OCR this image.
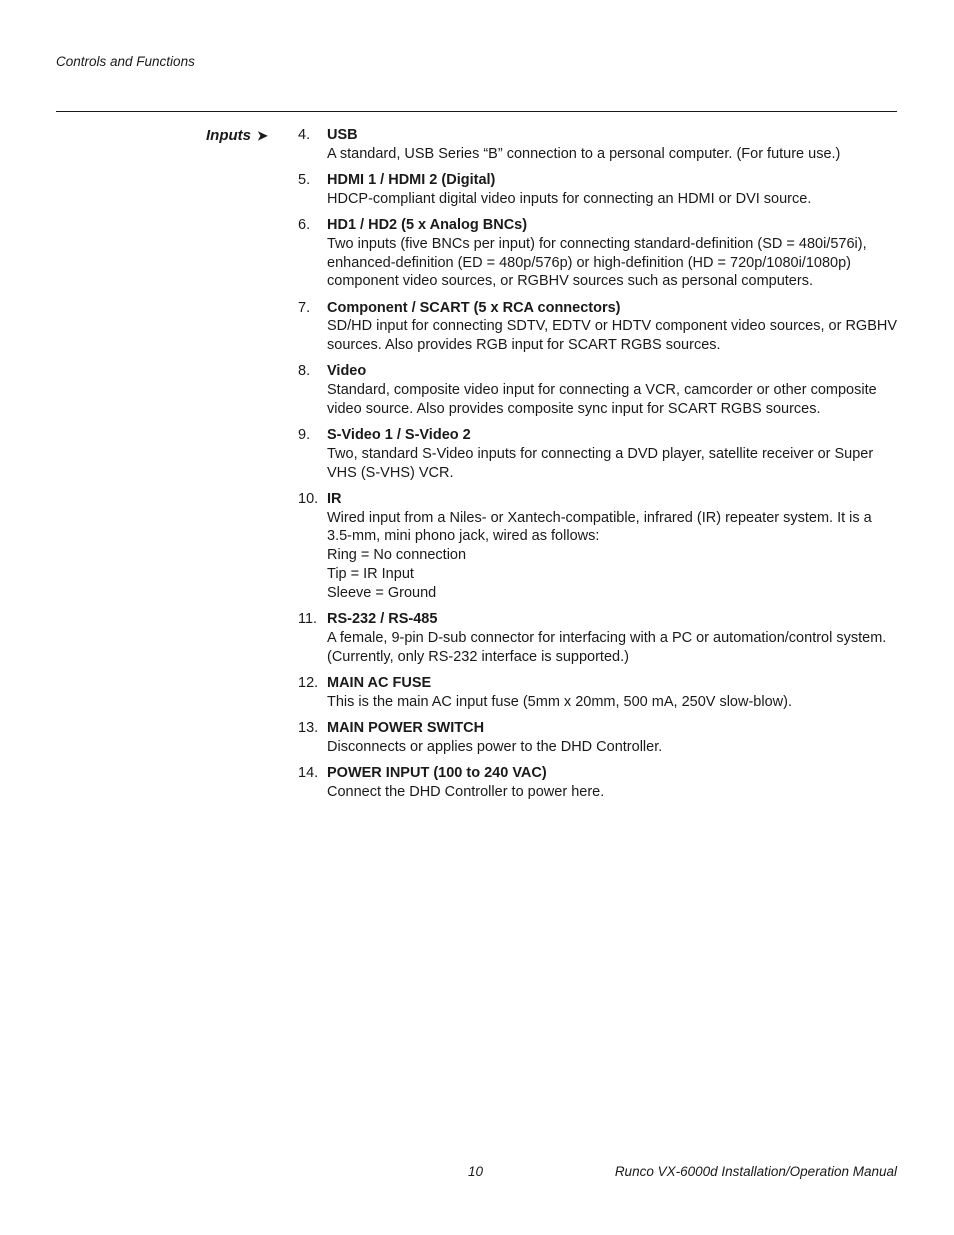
Controls and Functions
Inputs ➤ 4. USB
A standard, USB Series “B” connection to a personal computer. (For future use.)
5. HDMI 1 / HDMI 2 (Digital)
HDCP-compliant digital video inputs for connecting an HDMI or DVI source.
6. HD1 / HD2 (5 x Analog BNCs)
Two inputs (five BNCs per input) for connecting standard-definition (SD = 480i/576i), enhanced-definition (ED = 480p/576p) or high-definition (HD = 720p/1080i/1080p) component video sources, or RGBHV sources such as personal computers.
7. Component / SCART (5 x RCA connectors)
SD/HD input for connecting SDTV, EDTV or HDTV component video sources, or RGBHV sources. Also provides RGB input for SCART RGBS sources.
8. Video
Standard, composite video input for connecting a VCR, camcorder or other composite video source. Also provides composite sync input for SCART RGBS sources.
9. S-Video 1 / S-Video 2
Two, standard S-Video inputs for connecting a DVD player, satellite receiver or Super VHS (S-VHS) VCR.
10. IR
Wired input from a Niles- or Xantech-compatible, infrared (IR) repeater system. It is a 3.5-mm, mini phono jack, wired as follows:
Ring = No connection
Tip = IR Input
Sleeve = Ground
11. RS-232 / RS-485
A female, 9-pin D-sub connector for interfacing with a PC or automation/control system. (Currently, only RS-232 interface is supported.)
12. MAIN AC FUSE
This is the main AC input fuse (5mm x 20mm, 500 mA, 250V slow-blow).
13. MAIN POWER SWITCH
Disconnects or applies power to the DHD Controller.
14. POWER INPUT (100 to 240 VAC)
Connect the DHD Controller to power here.
10	Runco VX-6000d Installation/Operation Manual
